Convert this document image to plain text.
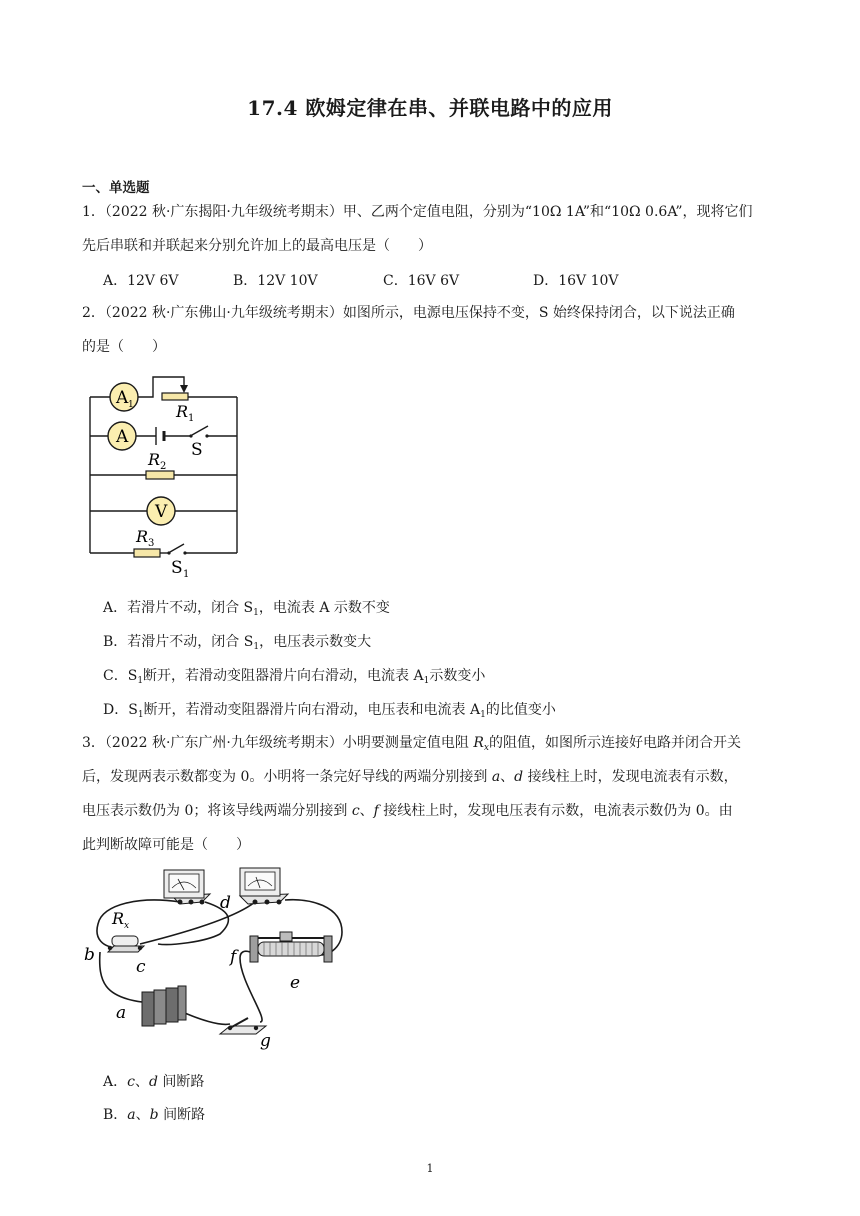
17.4 欧姆定律在串、并联电路中的应用
一、单选题
1．（2022 秋·广东揭阳·九年级统考期末）甲、乙两个定值电阻，分别为“10Ω 1A”和“10Ω 0.6A”，现将它们
先后串联和并联起来分别允许加上的最高电压是（　　）
A．12V 6V	B．12V 10V	C．16V 6V	D．16V 10V
2．（2022 秋·广东佛山·九年级统考期末）如图所示，电源电压保持不变，S 始终保持闭合，以下说法正确
的是（　　）
A 1
A
V
R 1
R 2
R 3
S
S 1
A．若滑片不动，闭合 $S_1$，电流表 A 示数不变
B．若滑片不动，闭合 $S_1$，电压表示数变大
C．$S_1$断开，若滑动变阻器滑片向右滑动，电流表 $A_1$示数变小
D．$S_1$断开，若滑动变阻器滑片向右滑动，电压表和电流表 $A_1$的比值变小
3．（2022 秋·广东广州·九年级统考期末）小明要测量定值电阻 $R_x$的阻值，如图所示连接好电路并闭合开关
后，发现两表示数都变为 0。小明将一条完好导线的两端分别接到 a、d 接线柱上时，发现电流表有示数，
电压表示数仍为 0；将该导线两端分别接到 c、f 接线柱上时，发现电压表有示数，电流表示数仍为 0。由
此判断故障可能是（　　）
R x
b
c
d
f
e
a
g
A．c、d 间断路
B．a、b 间断路
1
